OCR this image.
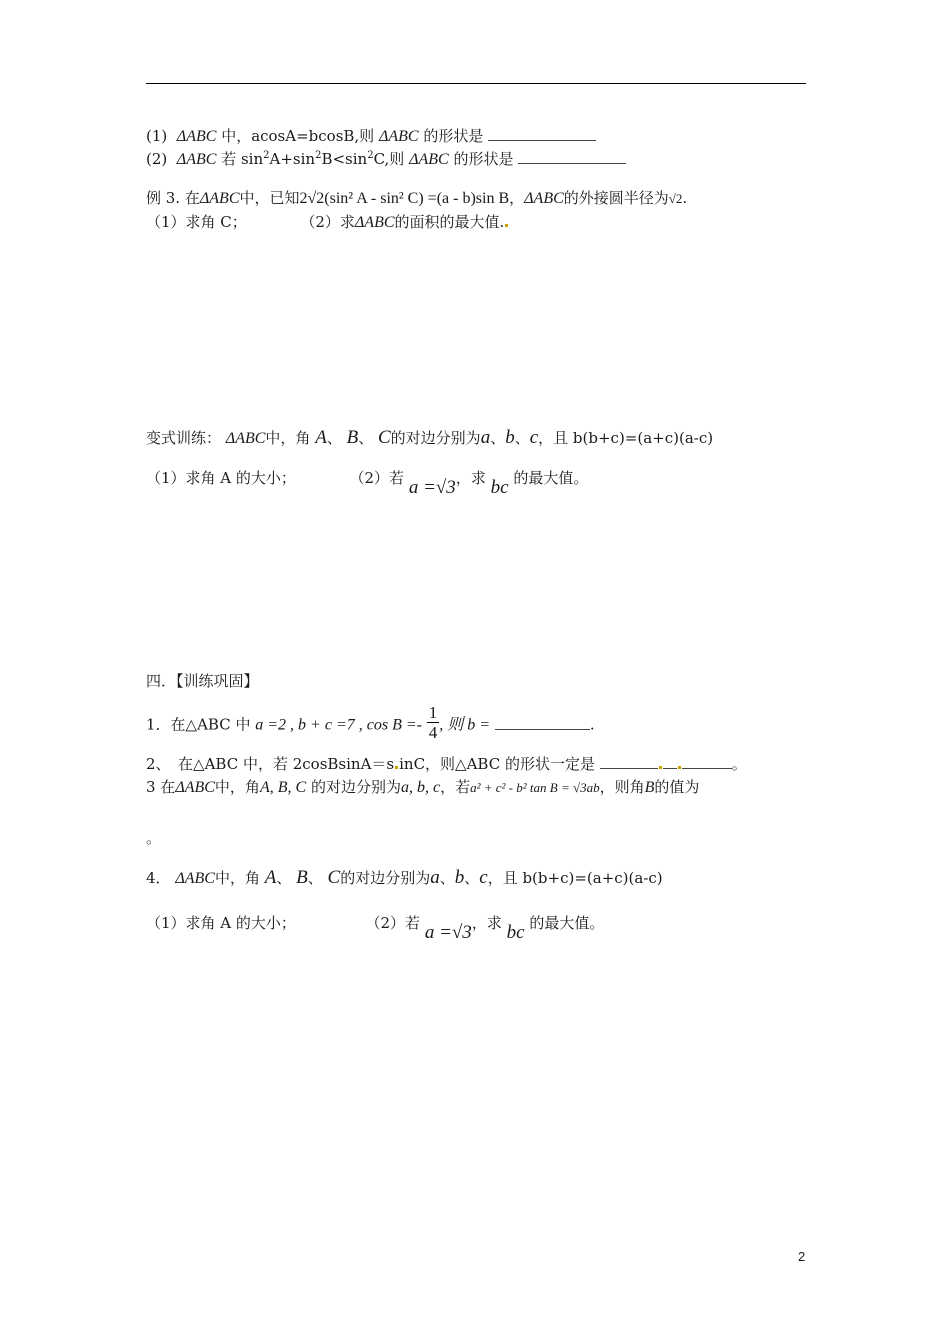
(1) ΔABC 中，acosA=bcosB,则 ΔABC 的形状是
(2) ΔABC 若 $\sin^2A+\sin^2B<\sin^2C$,则 ΔABC 的形状是
例 3. 在ΔABC中，已知2√2(sin² A - sin² C) =(a - b)sin B，ΔABC的外接圆半径为√2.
（1）求角 C；	（2）求ΔABC的面积的最大值.
变式训练： ΔABC中，角 A、 B、 C的对边分别为a、b、c，且 b(b+c)=(a+c)(a-c)
（1）求角 A 的大小；	（2）若 a =√3，求 bc 的最大值。
四．【训练巩固】
1．在△ABC 中 a =2 , b + c =7 , $\cos B =- \frac{1}{4}$ , 则 b =	.
2、　在△ABC 中，若 2cosBsinA＝s inC，则△ABC 的形状一定是	。
3 在ΔABC中，角A, B, C 的对边分别为a, b, c，若a² + c² - b² tan B = √3ab，则角B的值为
。
4． ΔABC中，角 A、 B、 C的对边分别为a、b、c，且 b(b+c)=(a+c)(a-c)
（1）求角 A 的大小；	（2）若 a =√3，求 bc 的最大值。
2
